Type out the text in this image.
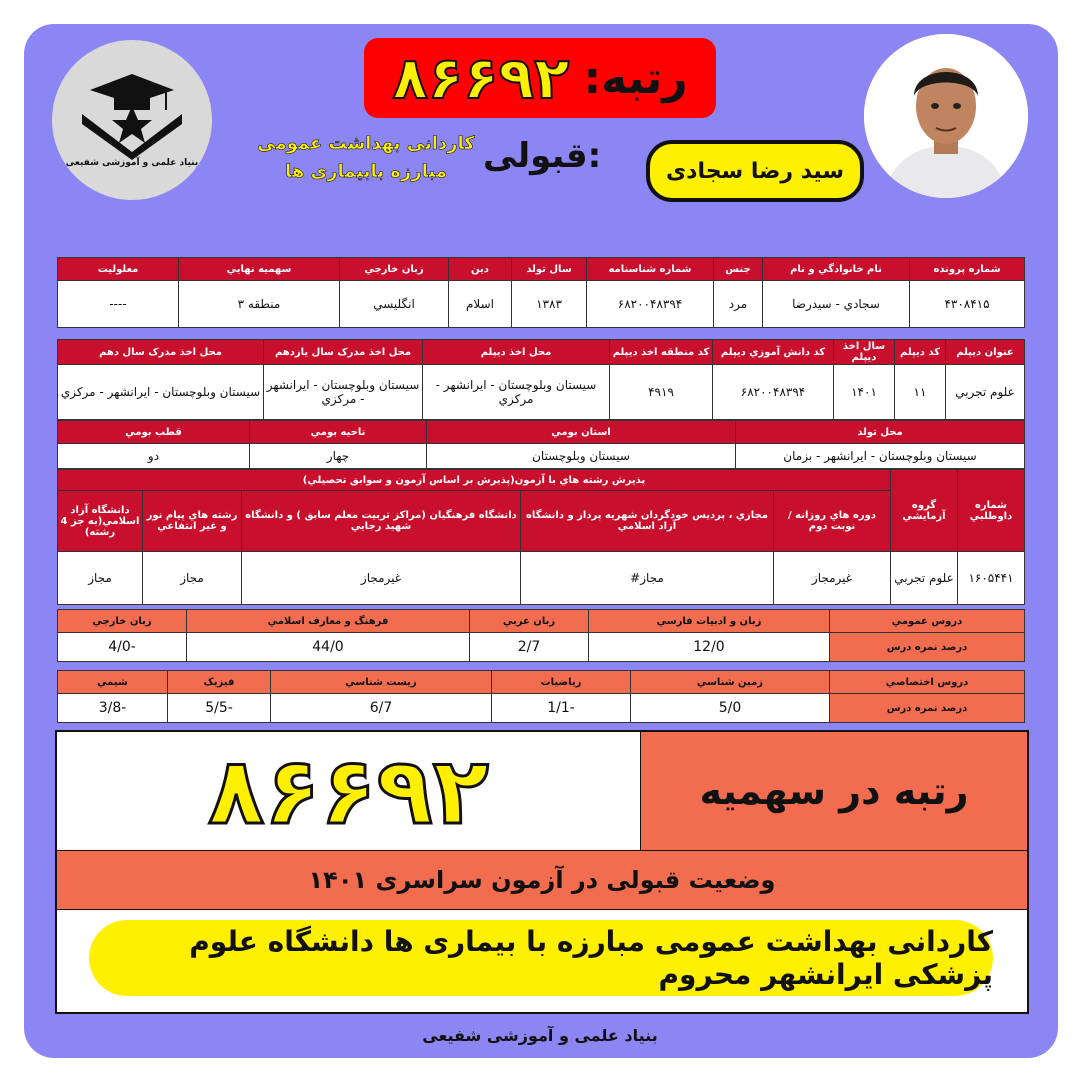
بنیاد علمی و آموزشی شفیعی
رتبه:
۸۶۶۹۲
کاردانی بهداشت عمومی
مبارزه بابیماری ها	قبولی:	سید رضا سجادی
شماره پرونده	نام خانوادگي و نام	جنس	شماره شناسنامه	سال تولد	دين	زبان خارجي	سهميه نهايي	معلوليت
۴۳۰۸۴۱۵	سجادي - سيدرضا	مرد	۶۸۲۰۰۴۸۳۹۴	۱۳۸۳	اسلام	انگليسي	منطقه ۳	----
عنوان ديپلم	کد ديپلم	سال اخذ ديپلم	کد دانش آموزي ديپلم	کد منطقه اخذ ديپلم	محل اخذ ديپلم	محل اخذ مدرک سال يازدهم	محل اخذ مدرک سال دهم
علوم تجربي	۱۱	۱۴۰۱	۶۸۲۰۰۴۸۳۹۴	۴۹۱۹	سيستان وبلوچستان - ايرانشهر - مرکزي	سيستان وبلوچستان - ايرانشهر - مرکزي	سيستان وبلوچستان - ايرانشهر - مرکزي
محل تولد	استان بومي	ناحيه بومي	قطب بومي
سيستان وبلوچستان - ايرانشهر - بزمان	سيستان وبلوچستان	چهار	دو
شماره داوطلبي	گروه آزمايشي	پذيرش رشته هاي با آزمون(پذيرش بر اساس آزمون و سوابق تحصيلي)				
		دوره هاي روزانه / نوبت دوم	مجازي ، پرديس خودگردان شهريه پرداز و دانشگاه آزاد اسلامي	دانشگاه فرهنگيان (مراکز تربيت معلم سابق ) و دانشگاه شهيد رجايي	رشته هاي پيام نور و غير انتفاعي	دانشگاه آزاد اسلامي(به جز 4 رشته)
۱۶۰۵۴۴۱	علوم تجربي	غيرمجاز	مجاز#	غيرمجاز	مجاز	مجاز
دروس عمومي	زبان و ادبيات فارسي	زبان عربي	فرهنگ و معارف اسلامي	زبان خارجي
درصد نمره درس	12/0	2/7	44/0	-4/0
دروس اختصاصي	زمين شناسي	رياضيات	زيست شناسي	فيزيک	شيمي
درصد نمره درس	5/0	-1/1	6/7	-5/5	-3/8
۸۶۶۹۲	رتبه در سهمیه
وضعیت قبولی در آزمون سراسری ۱۴۰۱
کاردانی بهداشت عمومی مبارزه با بیماری ها دانشگاه علوم پزشکی ایرانشهر محروم
بنیاد علمی و آموزشی شفیعی
